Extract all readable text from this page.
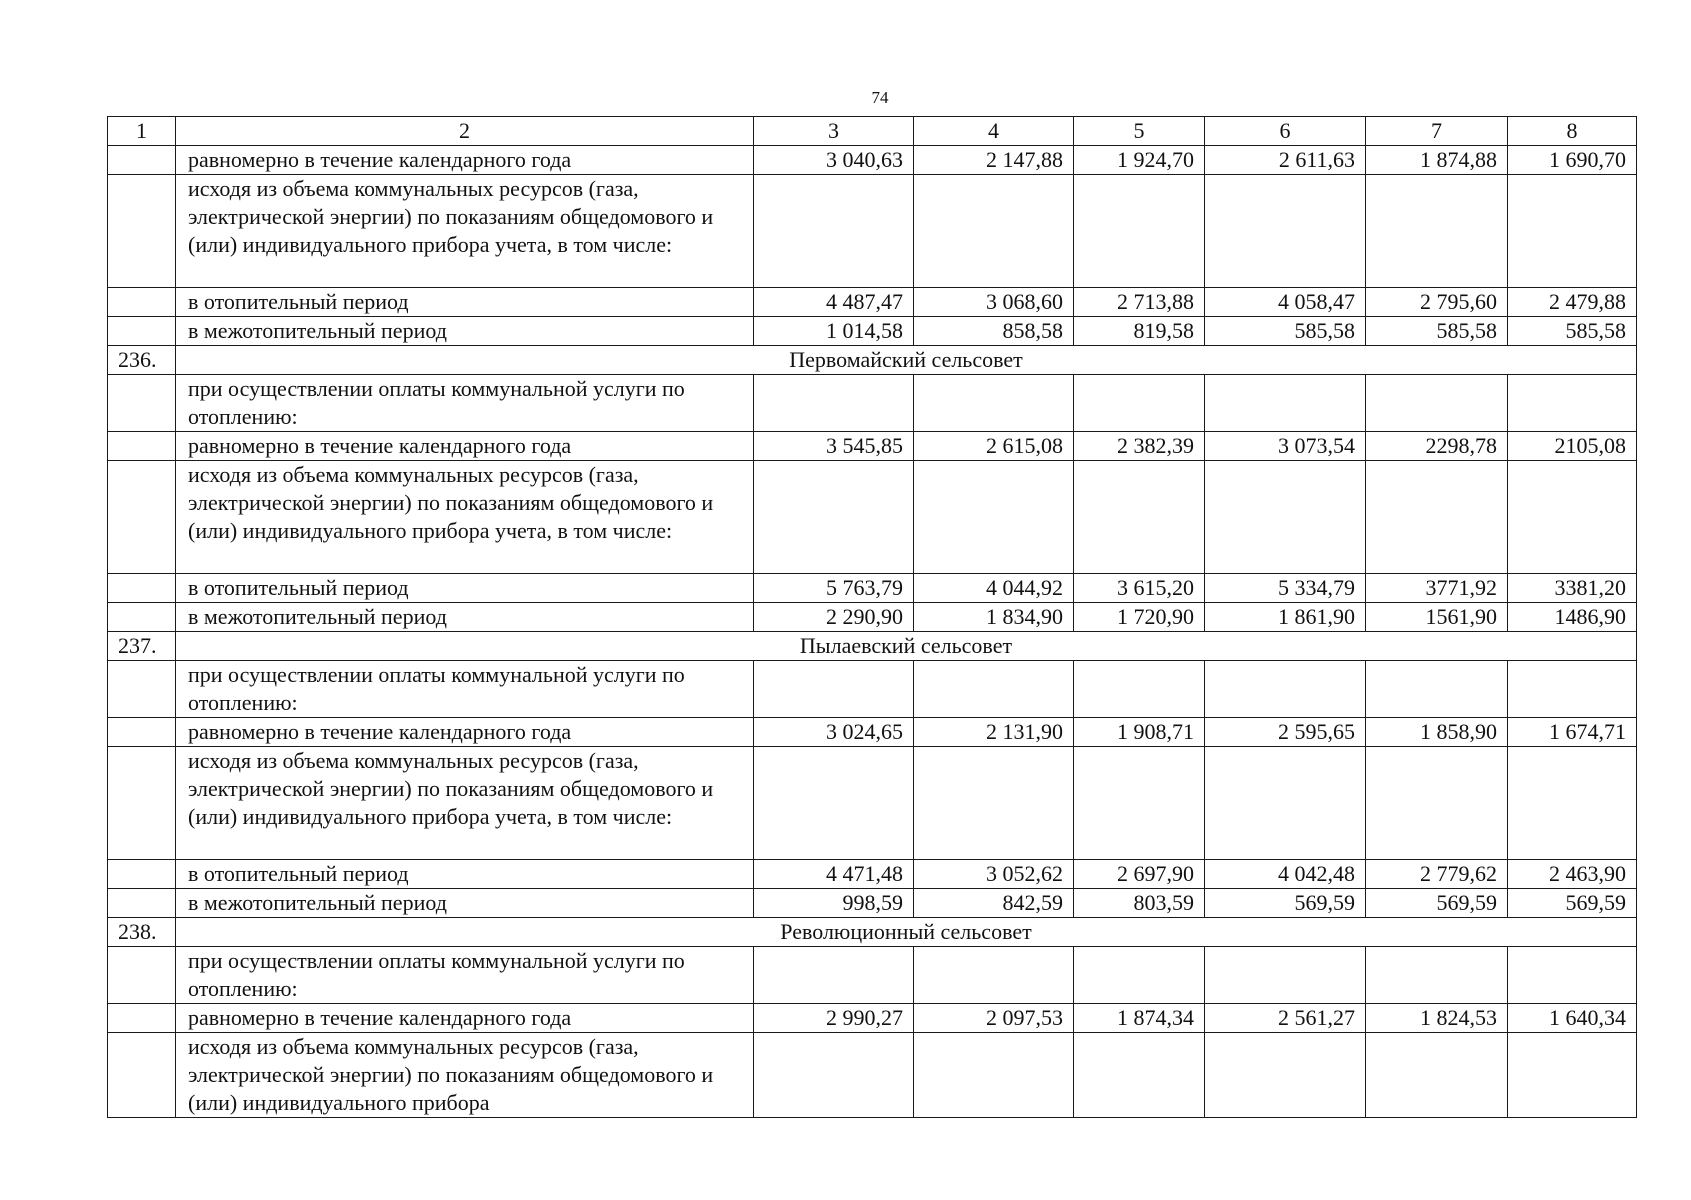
74
1	2	3	4	5	6	7	8
	равномерно в течение календарного года	3 040,63	2 147,88	1 924,70	2 611,63	1 874,88	1 690,70
	исходя из объема коммунальных ресурсов (газа, электрической энергии) по показаниям общедомового и (или) индивидуального прибора учета, в том числе:						
	в отопительный период	4 487,47	3 068,60	2 713,88	4 058,47	2 795,60	2 479,88
	в межотопительный период	1 014,58	858,58	819,58	585,58	585,58	585,58
236.	Первомайский сельсовет						
	при осуществлении оплаты коммунальной услуги по отоплению:						
	равномерно в течение календарного года	3 545,85	2 615,08	2 382,39	3 073,54	2298,78	2105,08
	исходя из объема коммунальных ресурсов (газа, электрической энергии) по показаниям общедомового и (или) индивидуального прибора учета, в том числе:						
	в отопительный период	5 763,79	4 044,92	3 615,20	5 334,79	3771,92	3381,20
	в межотопительный период	2 290,90	1 834,90	1 720,90	1 861,90	1561,90	1486,90
237.	Пылаевский сельсовет						
	при осуществлении оплаты коммунальной услуги по отоплению:						
	равномерно в течение календарного года	3 024,65	2 131,90	1 908,71	2 595,65	1 858,90	1 674,71
	исходя из объема коммунальных ресурсов (газа, электрической энергии) по показаниям общедомового и (или) индивидуального прибора учета, в том числе:						
	в отопительный период	4 471,48	3 052,62	2 697,90	4 042,48	2 779,62	2 463,90
	в межотопительный период	998,59	842,59	803,59	569,59	569,59	569,59
238.	Революционный сельсовет						
	при осуществлении оплаты коммунальной услуги по отоплению:						
	равномерно в течение календарного года	2 990,27	2 097,53	1 874,34	2 561,27	1 824,53	1 640,34
	исходя из объема коммунальных ресурсов (газа, электрической энергии) по показаниям общедомового и (или) индивидуального прибора						
